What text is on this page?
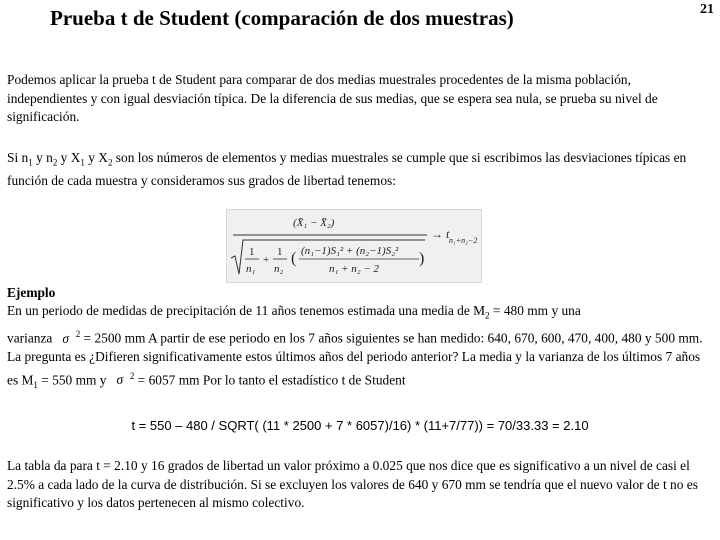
Prueba t de Student (comparación de dos muestras)	21

Podemos aplicar la prueba t de Student para comparar de dos medias muestrales procedentes de la misma población, independientes y con igual desviación típica. De la diferencia de sus medias, que se espera sea nula, se prueba su nivel de significación.

Si $n_1$ y $n_2$ y $X_1$ y $X_2$ son los números de elementos y medias muestrales se cumple que si escribimos las desviaciones típicas en función de cada muestra y consideramos sus grados de libertad tenemos:

(X̄₁ − X̄₂)
1
n₁
+
1
n₂
( (n₁−1)S₁² + (n₂−1)S₂²
n₁ + n₂ − 2
)
→ t n₁+n₂−2

Ejemplo

En un periodo de medidas de precipitación de 11 años tenemos estimada una media de $M_2 = 480$ mm y una
varianza σ $^2$ = 2500 mm A partir de ese periodo en los 7 años siguientes se han medido: 640, 670, 600, 470, 400, 480 y 500 mm. La pregunta es ¿Difieren significativamente estos últimos años del periodo anterior? La media y la varianza de los últimos 7 años es $M_1 = 550$ mm y σ $^2$ = 6057 mm Por lo tanto el estadístico t de Student

t = 550 – 480 / SQRT( (11 * 2500 + 7 * 6057)/16) * (11+7/77)) = 70/33.33 = 2.10

La tabla da para t = 2.10 y 16 grados de libertad un valor próximo a 0.025 que nos dice que es significativo a un nivel de casi el 2.5% a cada lado de la curva de distribución. Si se excluyen los valores de 640 y 670 mm se tendría que el nuevo valor de t no es significativo y los datos pertenecen al mismo colectivo.
